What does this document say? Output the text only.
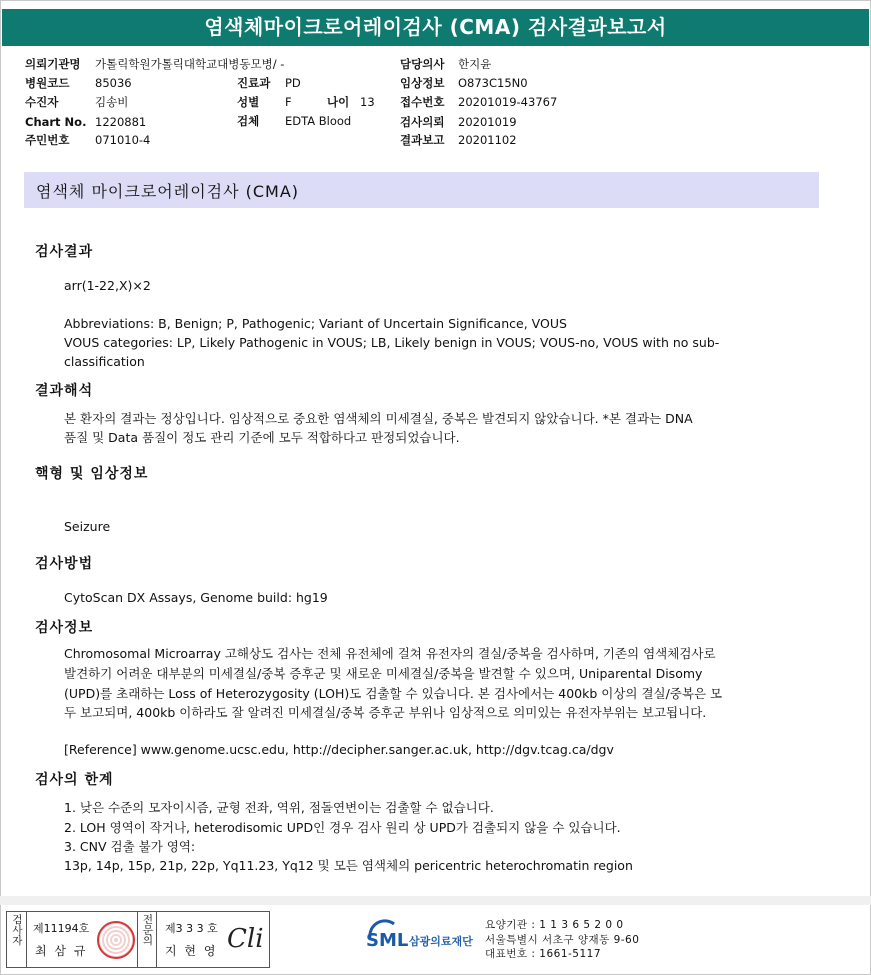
염색체마이크로어레이검사 (CMA) 검사결과보고서
의뢰기관명 가톨릭학원가톨릭대학교대병동모병/ -
병원코드 85036
수진자	김송비
Chart No. 1220881
주민번호 071010-4
진료과 PD
성별 F	나이 13
검체 EDTA Blood
담당의사 한지윤
임상정보 O873C15N0
접수번호 20201019-43767
검사의뢰 20201019
결과보고 20201102
염색체 마이크로어레이검사 (CMA)
검사결과
arr(1-22,X)×2
Abbreviations: B, Benign; P, Pathogenic; Variant of Uncertain Significance, VOUS
VOUS categories: LP, Likely Pathogenic in VOUS; LB, Likely benign in VOUS; VOUS-no, VOUS with no sub-
classification
결과해석
본 환자의 결과는 정상입니다. 임상적으로 중요한 염색체의 미세결실, 중복은 발견되지 않았습니다. *본 결과는 DNA
품질 및 Data 품질이 정도 관리 기준에 모두 적합하다고 판정되었습니다.
핵형 및 임상정보
Seizure
검사방법
CytoScan DX Assays, Genome build: hg19
검사정보
Chromosomal Microarray 고해상도 검사는 전체 유전체에 걸쳐 유전자의 결실/중복을 검사하며, 기존의 염색체검사로
발견하기 어려운 대부분의 미세결실/중복 증후군 및 새로운 미세결실/중복을 발견할 수 있으며, Uniparental Disomy
(UPD)를 초래하는 Loss of Heterozygosity (LOH)도 검출할 수 있습니다. 본 검사에서는 400kb 이상의 결실/중복은 모
두 보고되며, 400kb 이하라도 잘 알려진 미세결실/중복 증후군 부위나 임상적으로 의미있는 유전자부위는 보고됩니다.
[Reference] www.genome.ucsc.edu, http://decipher.sanger.ac.uk, http://dgv.tcag.ca/dgv
검사의 한계
1. 낮은 수준의 모자이시즘, 균형 전좌, 역위, 점돌연변이는 검출할 수 없습니다.
2. LOH 영역이 작거나, heterodisomic UPD인 경우 검사 원리 상 UPD가 검출되지 않을 수 있습니다.
3. CNV 검출 불가 영역:
13p, 14p, 15p, 21p, 22p, Yq11.23, Yq12 및 모든 염색체의 pericentric heterochromatin region
검사자 제11194호
최 삼 규
전문의	제3 3 3 호
지 현 영 Cli	SML 삼광의료재단
요양기관 : 1 1 3 6 5 2 0 0
서울특별시 서초구 양재동 9-60
대표번호 : 1661-5117
